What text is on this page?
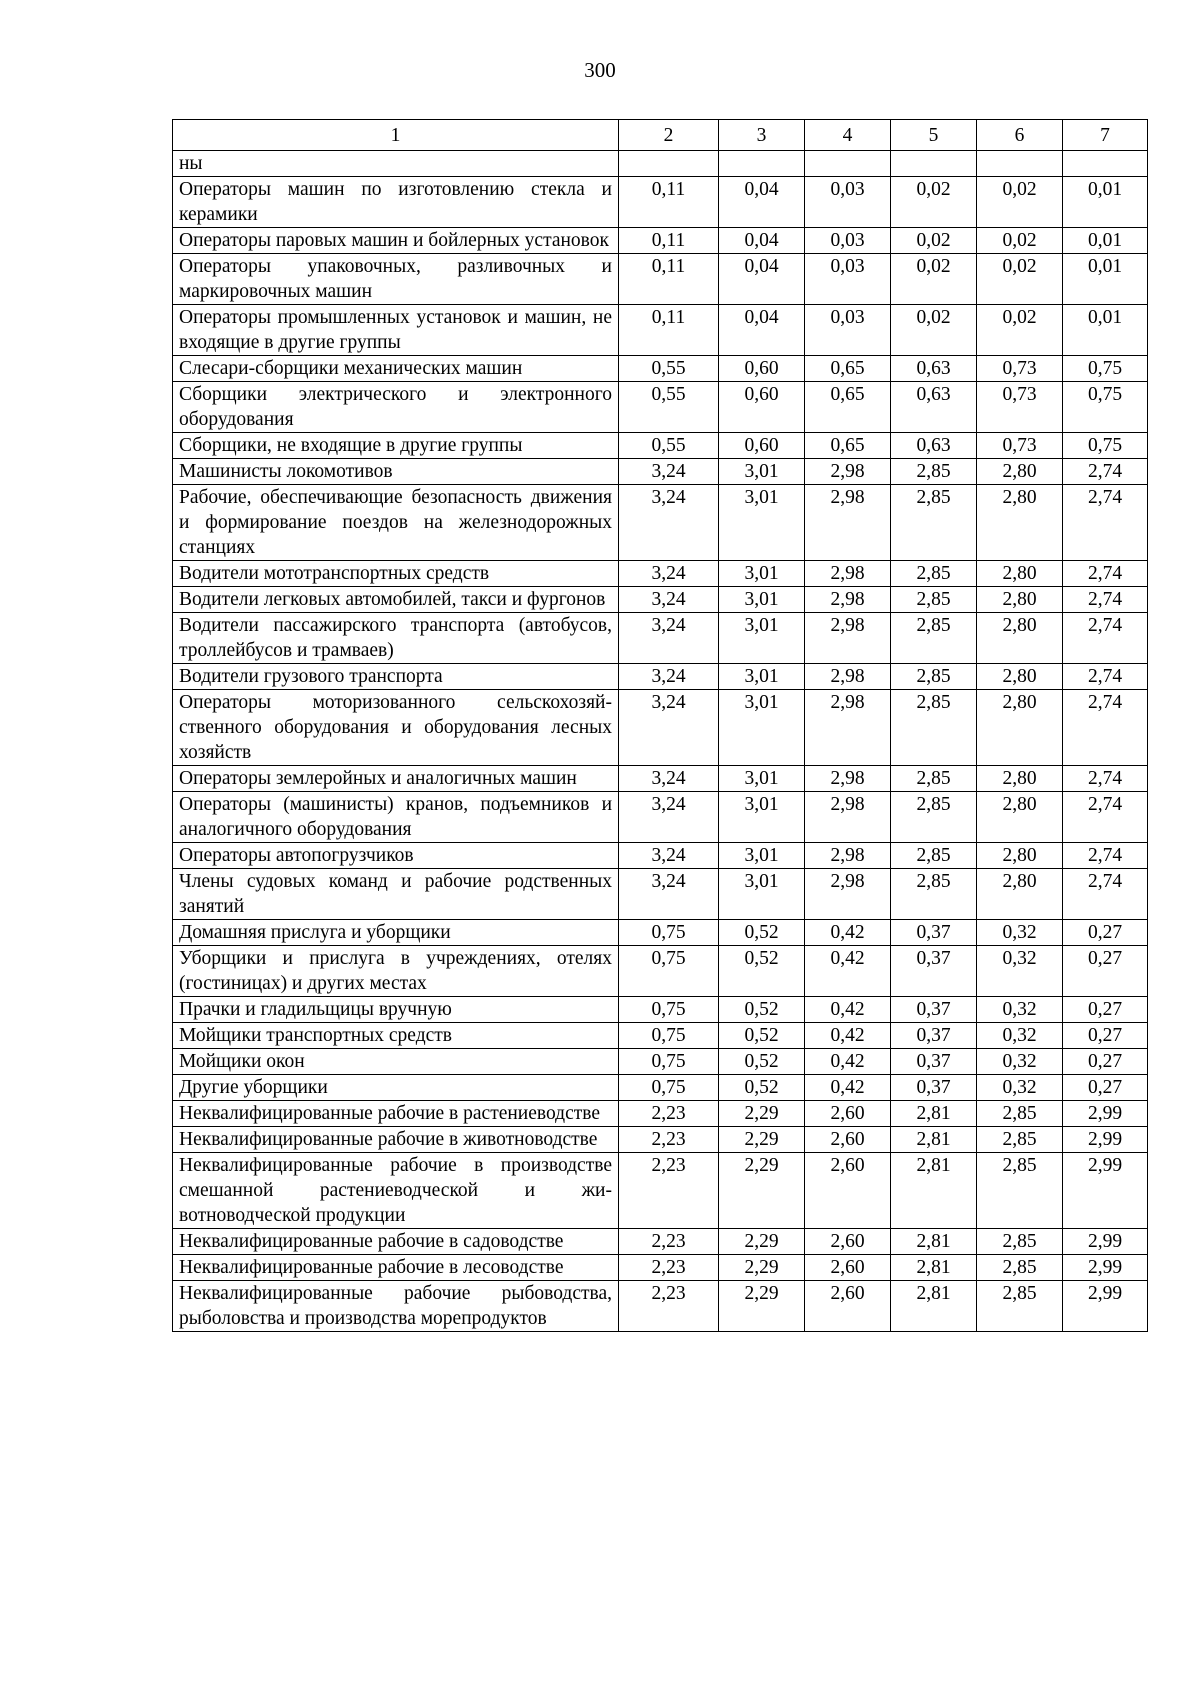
300
1	2	3	4	5	6	7
ны						
Операторы машин по изготовлению стекла и керамики	0,11	0,04	0,03	0,02	0,02	0,01
Операторы паровых машин и бойлерных установок	0,11	0,04	0,03	0,02	0,02	0,01
Операторы упаковочных, разливочных и маркировочных машин	0,11	0,04	0,03	0,02	0,02	0,01
Операторы промышленных установок и машин, не входящие в другие группы	0,11	0,04	0,03	0,02	0,02	0,01
Слесари-сборщики механических машин	0,55	0,60	0,65	0,63	0,73	0,75
Сборщики электрического и электронного оборудования	0,55	0,60	0,65	0,63	0,73	0,75
Сборщики, не входящие в другие группы	0,55	0,60	0,65	0,63	0,73	0,75
Машинисты локомотивов	3,24	3,01	2,98	2,85	2,80	2,74
Рабочие, обеспечивающие безопасность движения и формирование поездов на железнодорожных станциях	3,24	3,01	2,98	2,85	2,80	2,74
Водители мототранспортных средств	3,24	3,01	2,98	2,85	2,80	2,74
Водители легковых автомобилей, такси и фургонов	3,24	3,01	2,98	2,85	2,80	2,74
Водители пассажирского транспорта (автобусов, троллейбусов и трамваев)	3,24	3,01	2,98	2,85	2,80	2,74
Водители грузового транспорта	3,24	3,01	2,98	2,85	2,80	2,74
Операторы моторизованного сельскохозяйственного оборудования и оборудования лесных хозяйств	3,24	3,01	2,98	2,85	2,80	2,74
Операторы землеройных и аналогичных машин	3,24	3,01	2,98	2,85	2,80	2,74
Операторы (машинисты) кранов, подъемников и аналогичного оборудования	3,24	3,01	2,98	2,85	2,80	2,74
Операторы автопогрузчиков	3,24	3,01	2,98	2,85	2,80	2,74
Члены судовых команд и рабочие родственных занятий	3,24	3,01	2,98	2,85	2,80	2,74
Домашняя прислуга и уборщики	0,75	0,52	0,42	0,37	0,32	0,27
Уборщики и прислуга в учреждениях, отелях (гостиницах) и других местах	0,75	0,52	0,42	0,37	0,32	0,27
Прачки и гладильщицы вручную	0,75	0,52	0,42	0,37	0,32	0,27
Мойщики транспортных средств	0,75	0,52	0,42	0,37	0,32	0,27
Мойщики окон	0,75	0,52	0,42	0,37	0,32	0,27
Другие уборщики	0,75	0,52	0,42	0,37	0,32	0,27
Неквалифицированные рабочие в растениеводстве	2,23	2,29	2,60	2,81	2,85	2,99
Неквалифицированные рабочие в животноводстве	2,23	2,29	2,60	2,81	2,85	2,99
Неквалифицированные рабочие в производстве смешанной растениеводческой и животноводческой продукции	2,23	2,29	2,60	2,81	2,85	2,99
Неквалифицированные рабочие в садоводстве	2,23	2,29	2,60	2,81	2,85	2,99
Неквалифицированные рабочие в лесоводстве	2,23	2,29	2,60	2,81	2,85	2,99
Неквалифицированные рабочие рыбоводства, рыболовства и производства морепродуктов	2,23	2,29	2,60	2,81	2,85	2,99
